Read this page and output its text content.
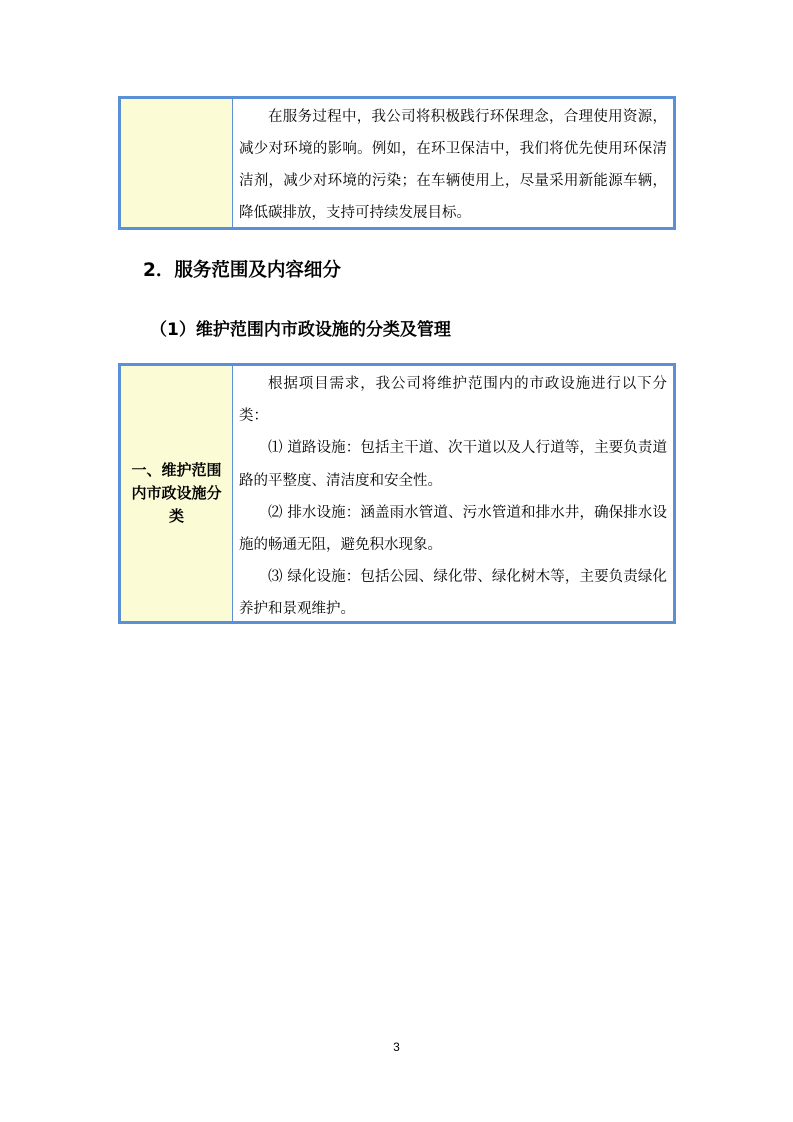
在服务过程中，我公司将积极践行环保理念，合理使用资源，减少对环境的影响。例如，在环卫保洁中，我们将优先使用环保清洁剂，减少对环境的污染；在车辆使用上，尽量采用新能源车辆，降低碳排放，支持可持续发展目标。

2．服务范围及内容细分
（1）维护范围内市政设施的分类及管理
一、维护范围内市政设施分类

根据项目需求，我公司将维护范围内的市政设施进行以下分类：

⑴ 道路设施：包括主干道、次干道以及人行道等，主要负责道路的平整度、清洁度和安全性。

⑵ 排水设施：涵盖雨水管道、污水管道和排水井，确保排水设施的畅通无阻，避免积水现象。

⑶ 绿化设施：包括公园、绿化带、绿化树木等，主要负责绿化养护和景观维护。

3
